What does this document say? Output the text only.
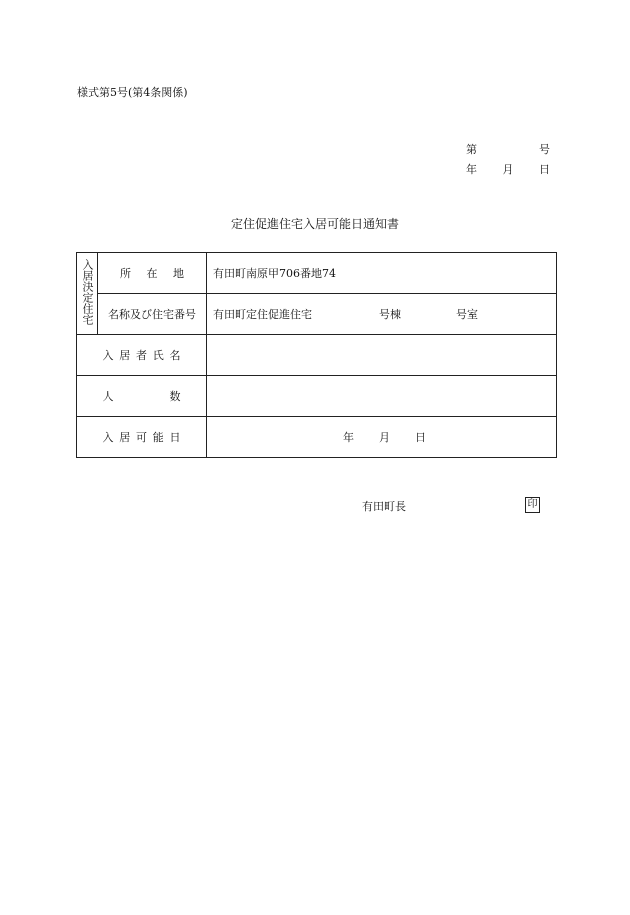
様式第5号(第4条関係)
第	号
年 月 日
定住促進住宅入居可能日通知書
入居決定住宅	所 在 地	有田町南原甲706番地74
	名称及び住宅番号	有田町定住促進住宅 号棟 号室

入 居 者 氏 名		

人 数		

入 居 可 能 日		年 月 日
有田町長	印
